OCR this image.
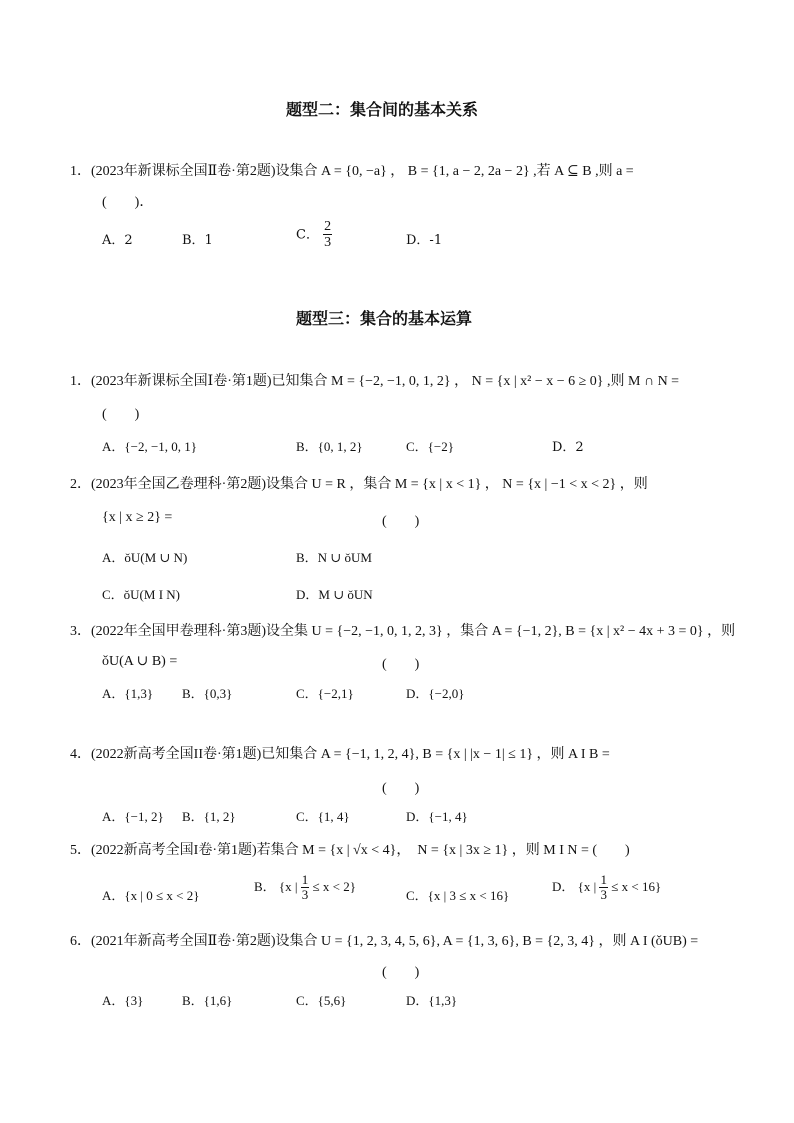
题型二：集合间的基本关系
1．(2023年新课标全国Ⅱ卷·第2题)设集合 A = {0, −a} ， B = {1, a − 2, 2a − 2} ,若 A ⊆ B ,则 a =
(　　)．
A．2	B．1	C． $\frac{2}{3}$	D．-1
题型三：集合的基本运算
1．(2023年新课标全国Ⅰ卷·第1题)已知集合 M = {−2, −1, 0, 1, 2} ， N = {x | x² − x − 6 ≥ 0} ,则 M ∩ N =
(　　)
A．{−2, −1, 0, 1}	B．{0, 1, 2}	C．{−2}	D．2
2．(2023年全国乙卷理科·第2题)设集合 U = R ，集合 M = {x | x < 1} ， N = {x | −1 < x < 2} ，则
{x | x ≥ 2} =	(　　)
A．ǒU(M ∪ N)	B．N ∪ ǒUM
C．ǒU(M I N)	D．M ∪ ǒUN
3．(2022年全国甲卷理科·第3题)设全集 U = {−2, −1, 0, 1, 2, 3} ，集合 A = {−1, 2}, B = {x | x² − 4x + 3 = 0} ，则
ǒU(A ∪ B) =	(　　)
A．{1,3} B．{0,3}	C．{−2,1}	D．{−2,0}
4．(2022新高考全国II卷·第1题)已知集合 A = {−1, 1, 2, 4}, B = {x | |x − 1| ≤ 1} ，则 A I B =
(　　)
A．{−1, 2} B．{1, 2}	C．{1, 4}	D．{−1, 4}
5．(2022新高考全国I卷·第1题)若集合 M = {x | √x < 4}，　N = {x | 3x ≥ 1} ，则 M I N = (　　)
A．{x | 0 ≤ x < 2}
B． {x | $\frac{1}{3} \le x < 2$}
C．{x | 3 ≤ x < 16}
D． {x | $\frac{1}{3} \le x < 16$}
6．(2021年新高考全国Ⅱ卷·第2题)设集合 U = {1, 2, 3, 4, 5, 6}, A = {1, 3, 6}, B = {2, 3, 4} ，则 A I (ǒUB) =
(　　)
A．{3}	B．{1,6}	C．{5,6}	D．{1,3}
